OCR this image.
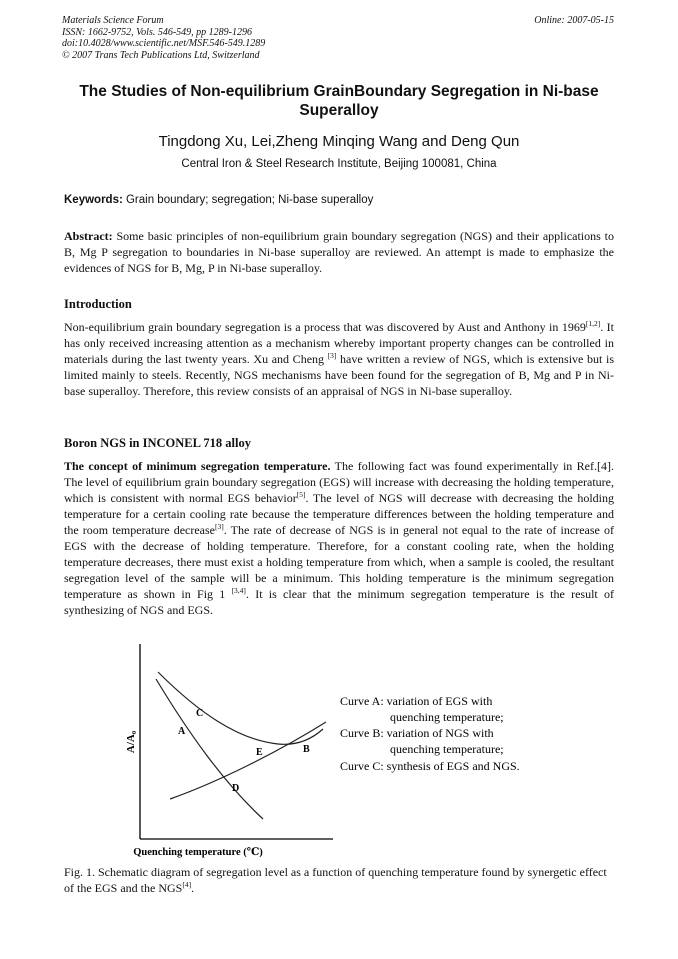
Materials Science Forum
ISSN: 1662-9752, Vols. 546-549, pp 1289-1296
doi:10.4028/www.scientific.net/MSF.546-549.1289
© 2007 Trans Tech Publications Ltd, Switzerland
Online: 2007-05-15
The Studies of Non-equilibrium GrainBoundary Segregation in Ni-base Superalloy
Tingdong Xu, Lei,Zheng Minqing Wang and Deng Qun
Central Iron & Steel Research Institute, Beijing 100081, China
Keywords: Grain boundary; segregation; Ni-base superalloy

Abstract: Some basic principles of non-equilibrium grain boundary segregation (NGS) and their applications to B, Mg P segregation to boundaries in Ni-base superalloy are reviewed. An attempt is made to emphasize the evidences of NGS for B, Mg, P in Ni-base superalloy.

Introduction

Non-equilibrium grain boundary segregation is a process that was discovered by Aust and Anthony in 1969[1,2]. It has only received increasing attention as a mechanism whereby important property changes can be controlled in materials during the last twenty years. Xu and Cheng [3] have written a review of NGS, which is extensive but is limited mainly to steels. Recently, NGS mechanisms have been found for the segregation of B, Mg and P in Ni-base superalloy. Therefore, this review consists of an appraisal of NGS in Ni-base superalloy.

Boron NGS in INCONEL 718 alloy

The concept of minimum segregation temperature. The following fact was found experimentally in Ref.[4]. The level of equilibrium grain boundary segregation (EGS) will increase with decreasing the holding temperature, which is consistent with normal EGS behavior[5]. The level of NGS will decrease with decreasing the holding temperature for a certain cooling rate because the temperature differences between the holding temperature and the room temperature decrease[3]. The rate of decrease of NGS is in general not equal to the rate of increase of EGS with the decrease of holding temperature. Therefore, for a constant cooling rate, when the holding temperature decreases, there must exist a holding temperature from which, when a sample is cooled, the resultant segregation level of the sample will be a minimum. This holding temperature is the minimum segregation temperature as shown in Fig 1 [3,4]. It is clear that the minimum segregation temperature is the result of synthesizing of NGS and EGS.

A/A₀
Quenching temperature (℃)
A
B
C
D
E
Curve A: variation of EGS with
quenching temperature;
Curve B: variation of NGS with
quenching temperature;
Curve C: synthesis of EGS and NGS.
Fig. 1. Schematic diagram of segregation level as a function of quenching temperature found by synergetic effect of the EGS and the NGS[4].
